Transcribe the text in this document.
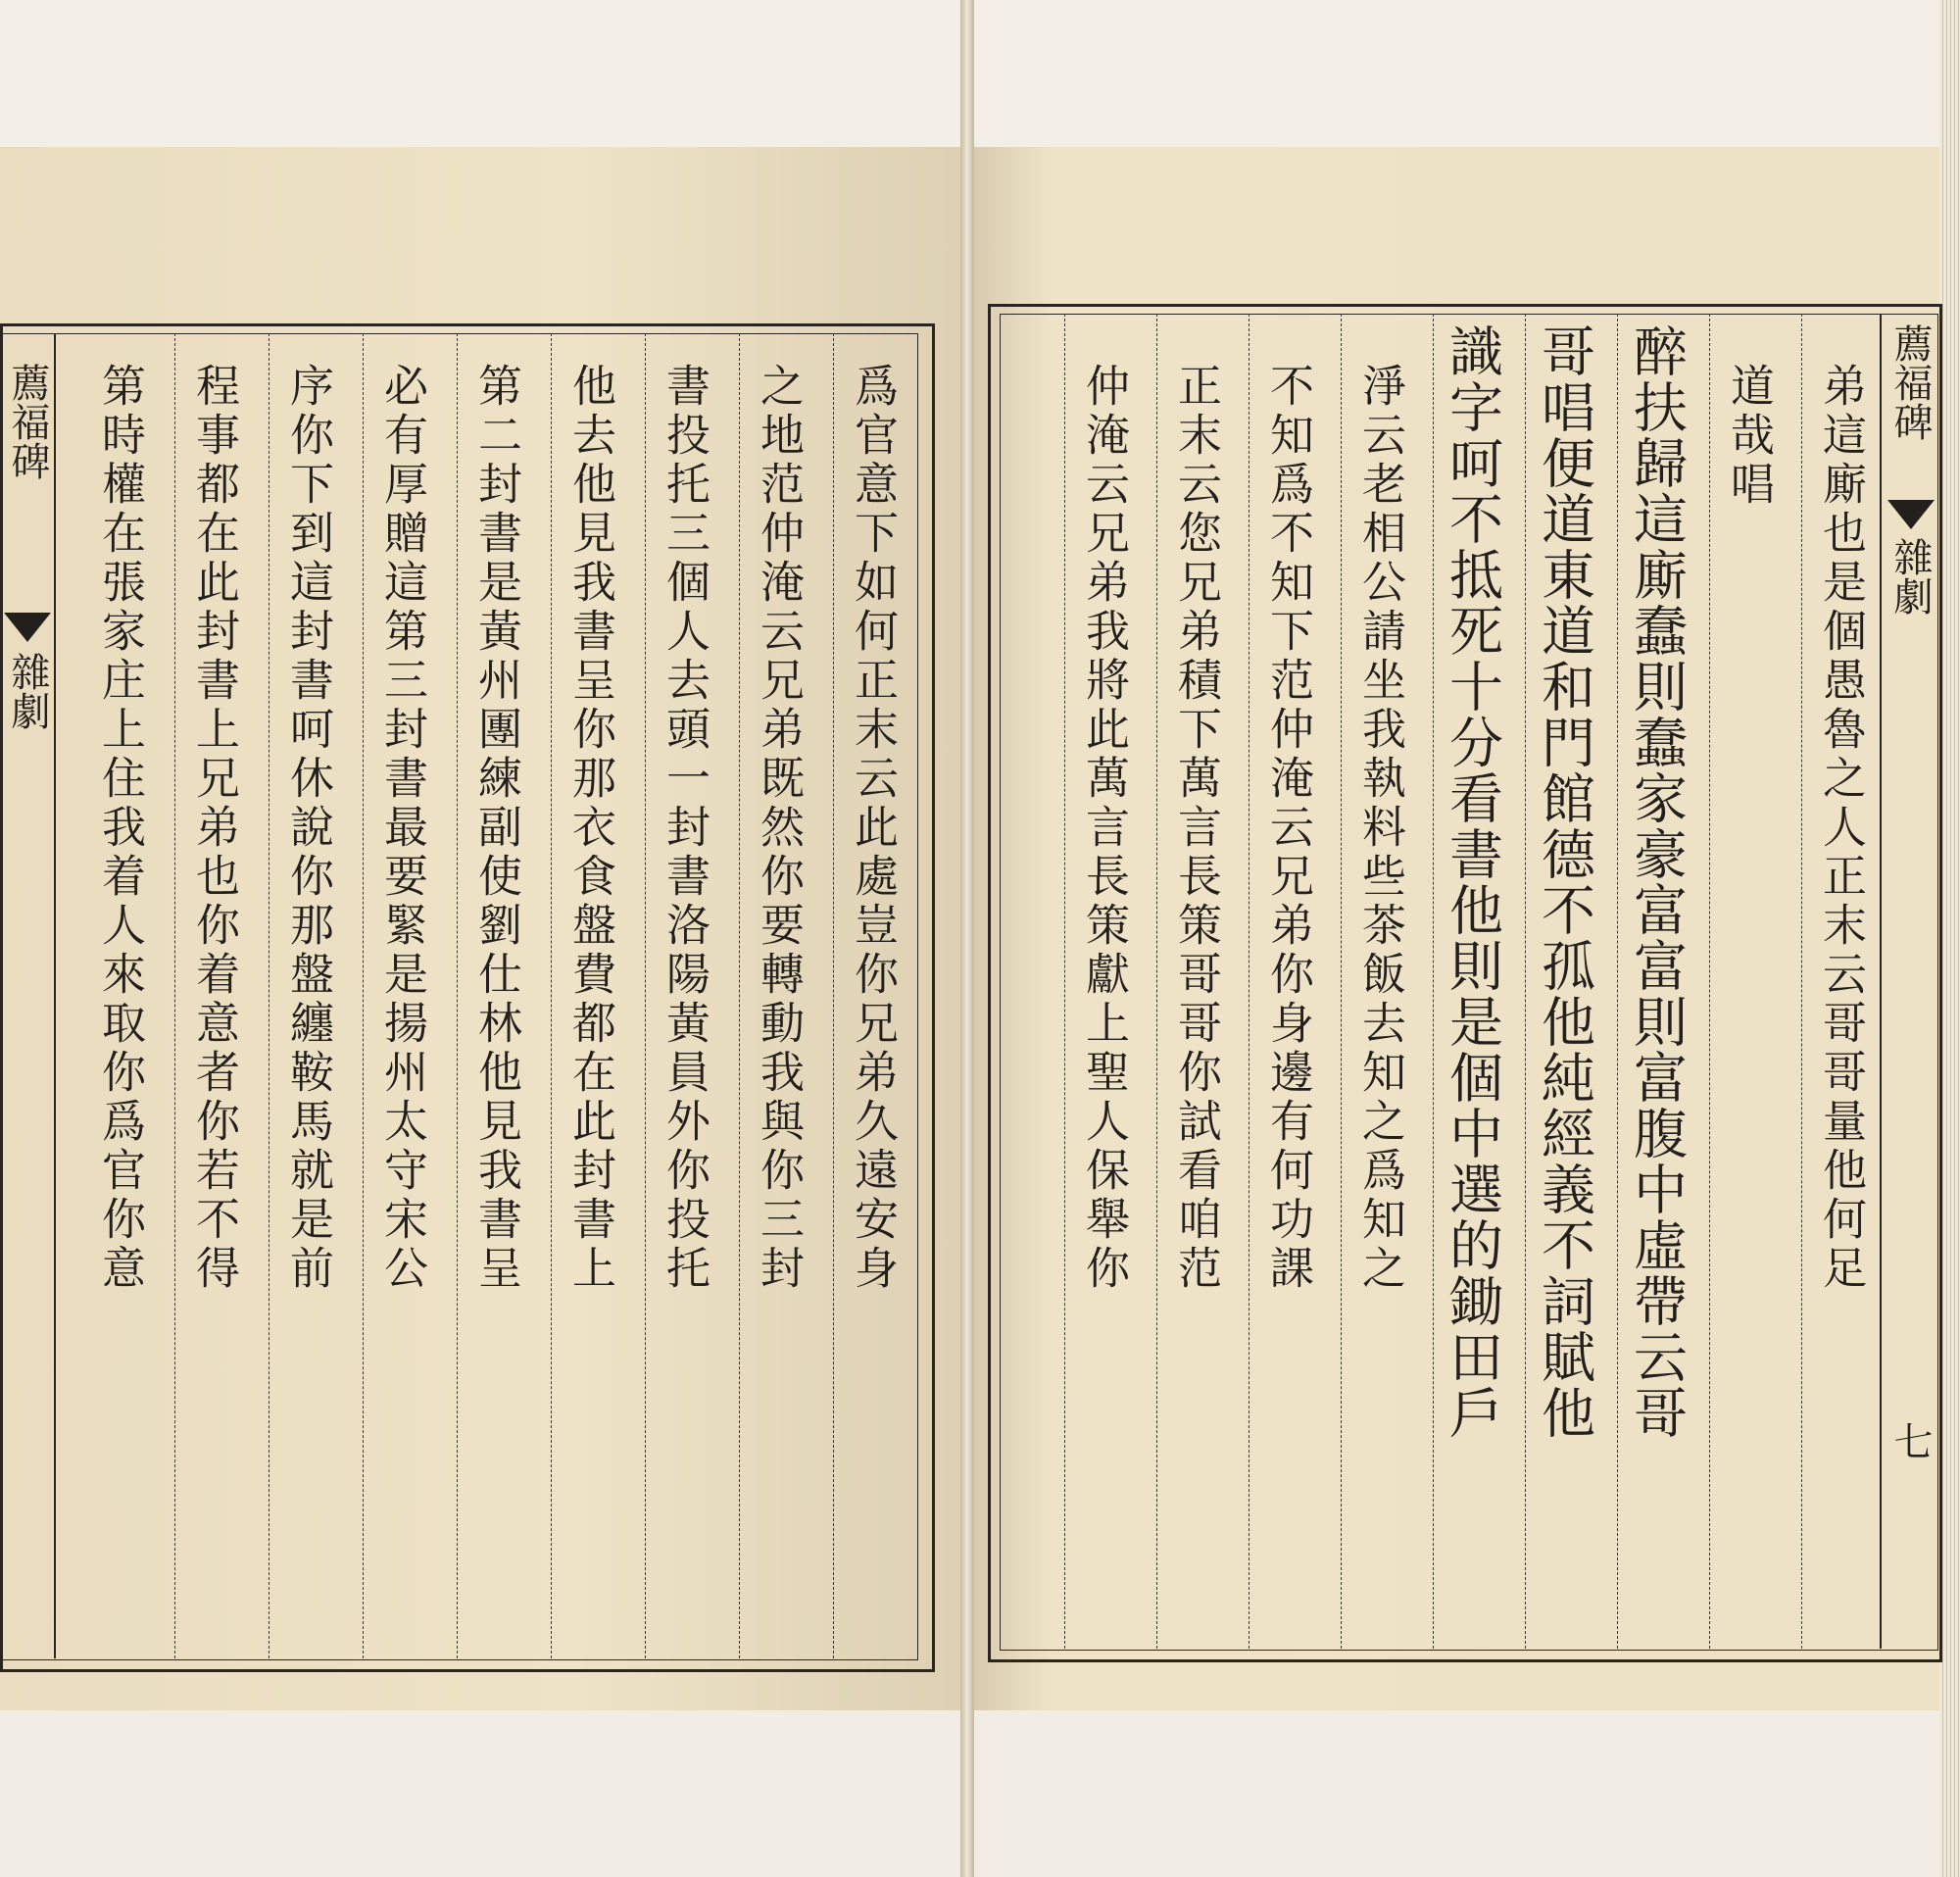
薦福碑
雜劇	爲官意下如何正末云此處豈你兄弟久遠安身
之地范仲淹云兄弟既然你要轉動我與你三封
書投托三個人去頭一封書洛陽黃員外你投托
他去他見我書呈你那衣食盤費都在此封書上
第二封書是黃州團練副使劉仕林他見我書呈
必有厚贈這第三封書最要緊是揚州太守宋公
序你下到這封書呵休說你那盤纏鞍馬就是前
程事都在此封書上兄弟也你着意者你若不得
第時權在張家庄上住我着人來取你爲官你意	薦福碑
雜劇
七
弟這廝也是個愚魯之人正末云哥哥量他何足
道哉唱
醉扶歸這廝蠢則蠢家豪富富則富腹中虛帶云哥
哥唱便道東道和門館德不孤他純經義不詞賦他
識字呵不抵死十分看書他則是個中選的鋤田戶
淨云老相公請坐我執料些茶飯去知之爲知之
不知爲不知下范仲淹云兄弟你身邊有何功課
正末云您兄弟積下萬言長策哥哥你試看咱范
仲淹云兄弟我將此萬言長策獻上聖人保舉你
